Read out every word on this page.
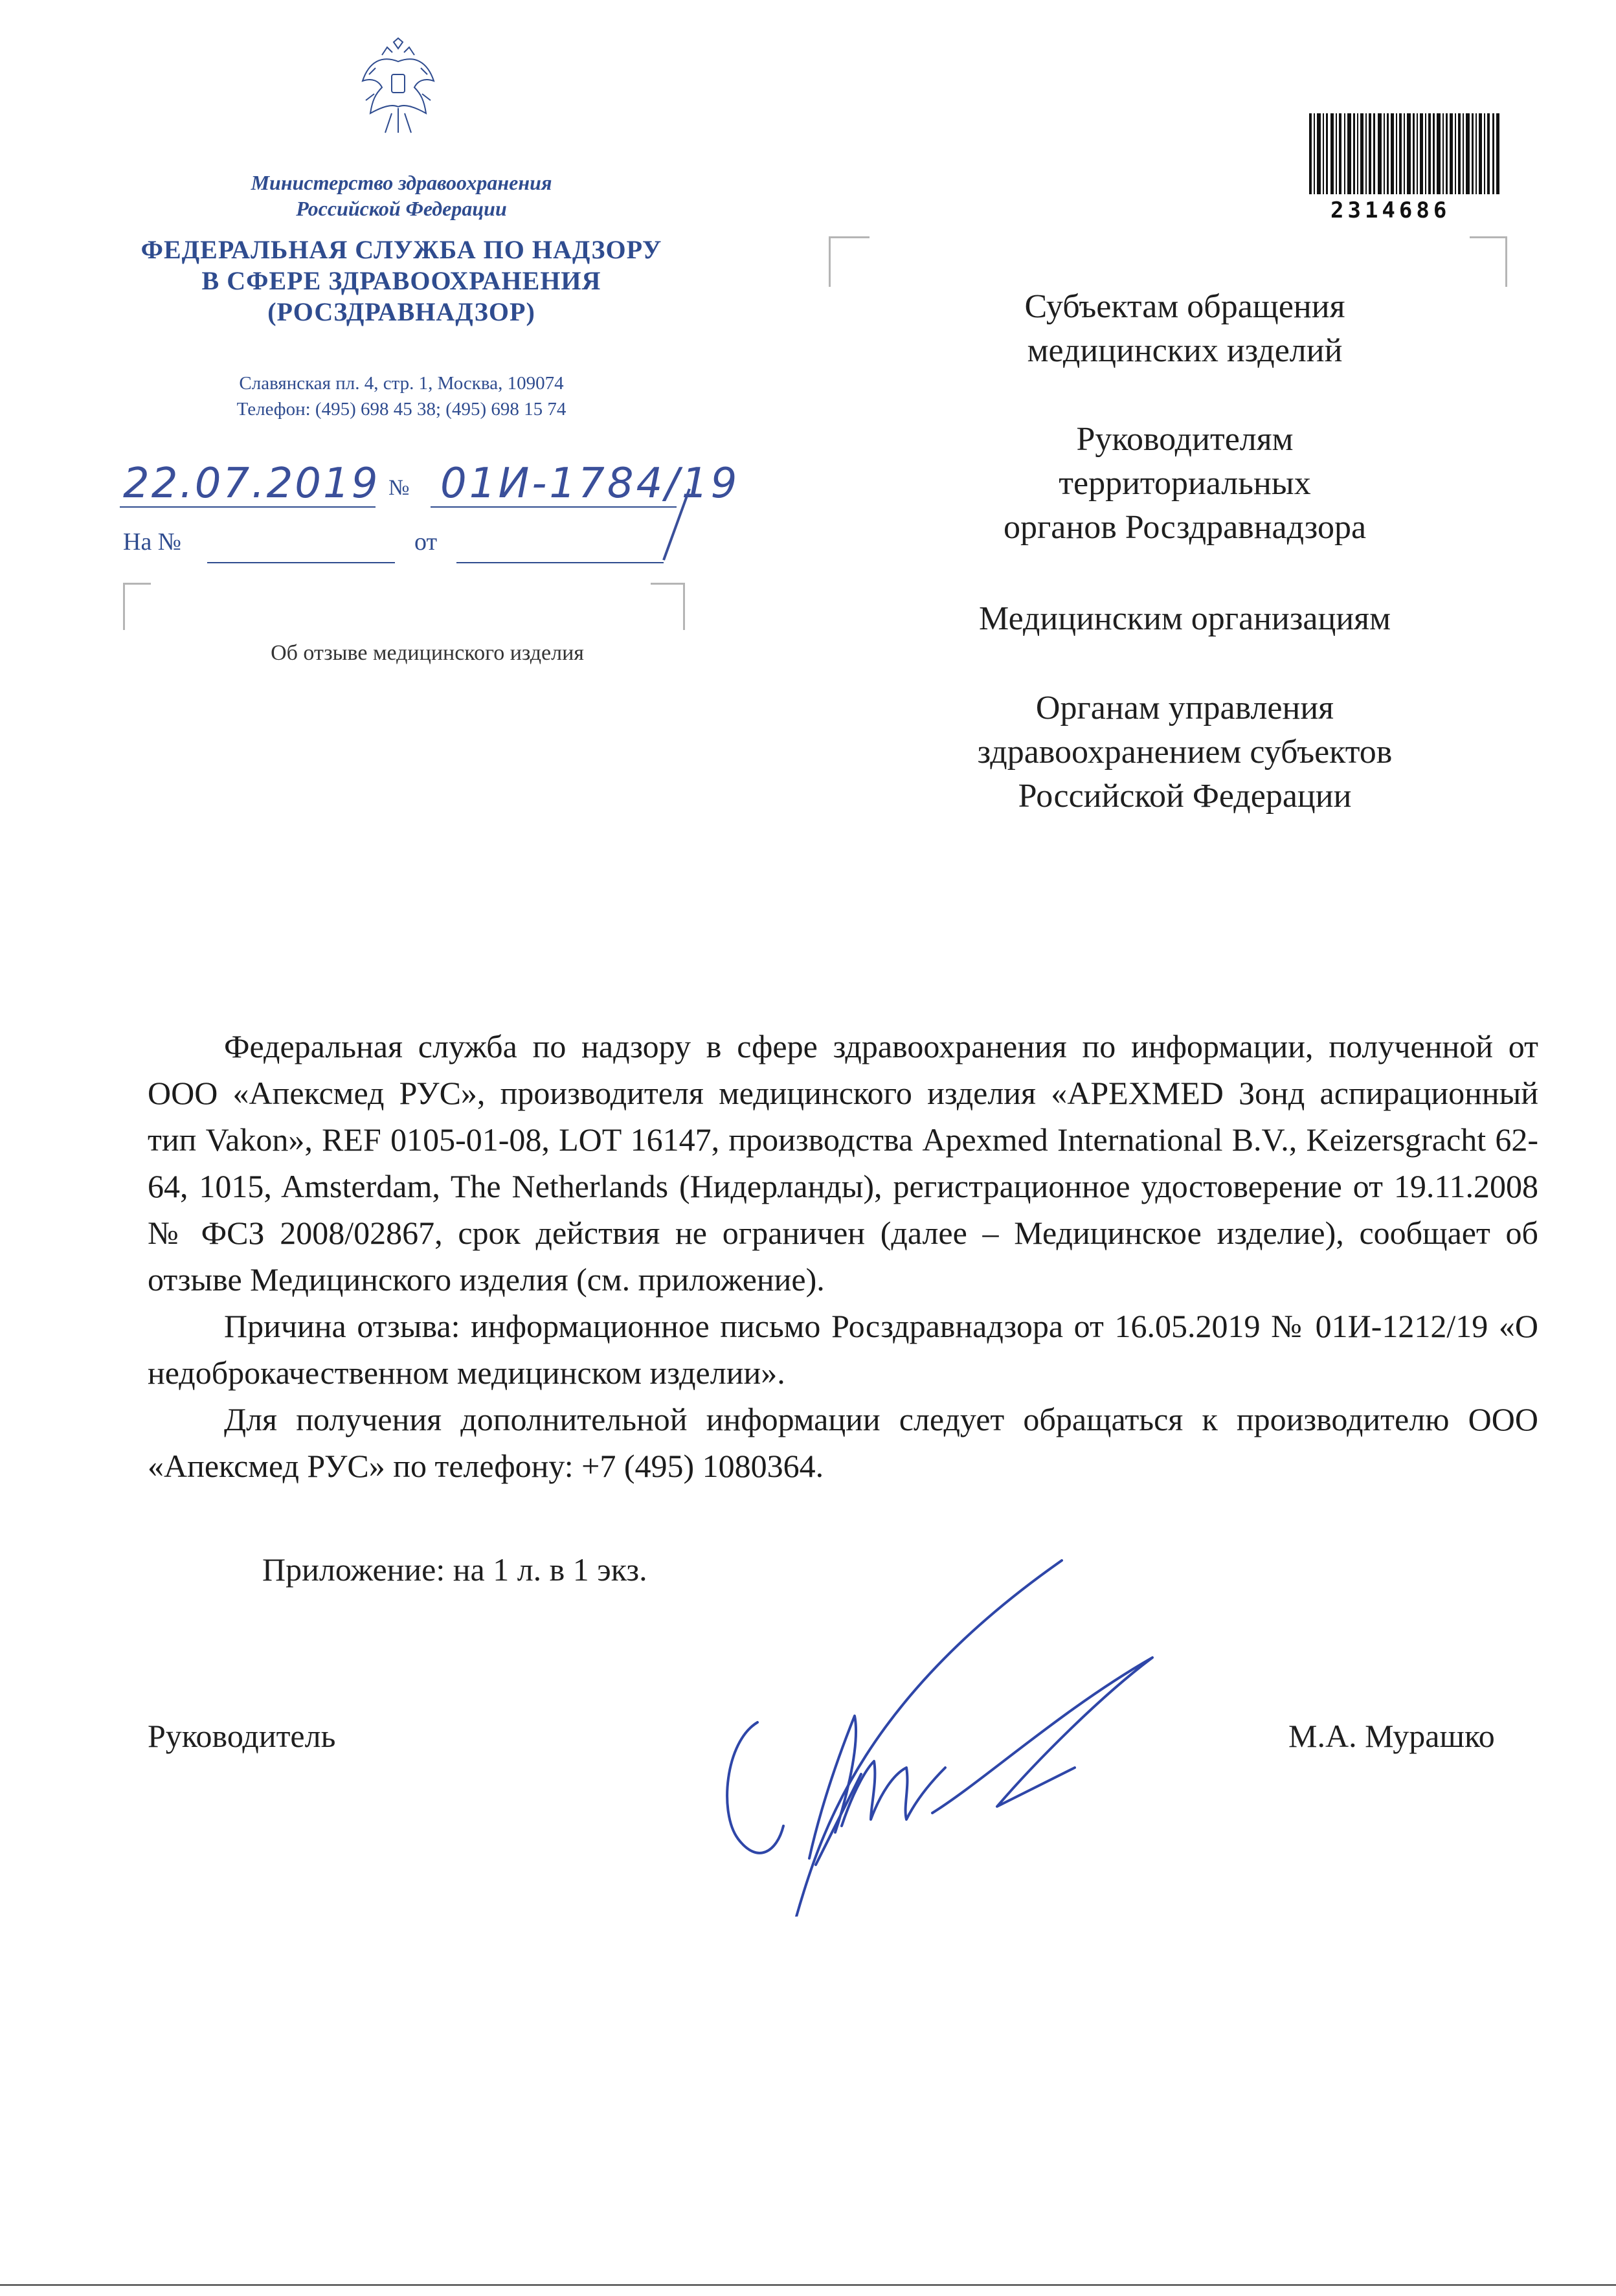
Министерство здравоохранения
Российской Федерации
ФЕДЕРАЛЬНАЯ СЛУЖБА ПО НАДЗОРУ
В СФЕРЕ ЗДРАВООХРАНЕНИЯ
(РОСЗДРАВНАДЗОР)
Славянская пл. 4, стр. 1, Москва, 109074
Телефон: (495) 698 45 38; (495) 698 15 74
22.07.2019 № 01И-1784/19
На №	от
Об отзыве медицинского изделия
2314686
Субъектам обращения
медицинских изделий
Руководителям
территориальных
органов Росздравнадзора
Медицинским организациям
Органам управления
здравоохранением субъектов
Российской Федерации

Федеральная служба по надзору в сфере здравоохранения по информации, полученной от ООО «Апексмед РУС», производителя медицинского изделия «APEXMED Зонд аспирационный тип Vakon», REF 0105-01-08, LOT 16147, производства Apexmed International B.V., Keizersgracht 62-64, 1015, Amsterdam, The Netherlands (Нидерланды), регистрационное удостоверение от 19.11.2008 № ФСЗ 2008/02867, срок действия не ограничен (далее – Медицинское изделие), сообщает об отзыве Медицинского изделия (см. приложение).

Причина отзыва: информационное письмо Росздравнадзора от 16.05.2019 № 01И-1212/19 «О недоброкачественном медицинском изделии».

Для получения дополнительной информации следует обращаться к производителю ООО «Апексмед РУС» по телефону: +7 (495) 1080364.

Приложение: на 1 л. в 1 экз.
Руководитель	М.А. Мурашко
